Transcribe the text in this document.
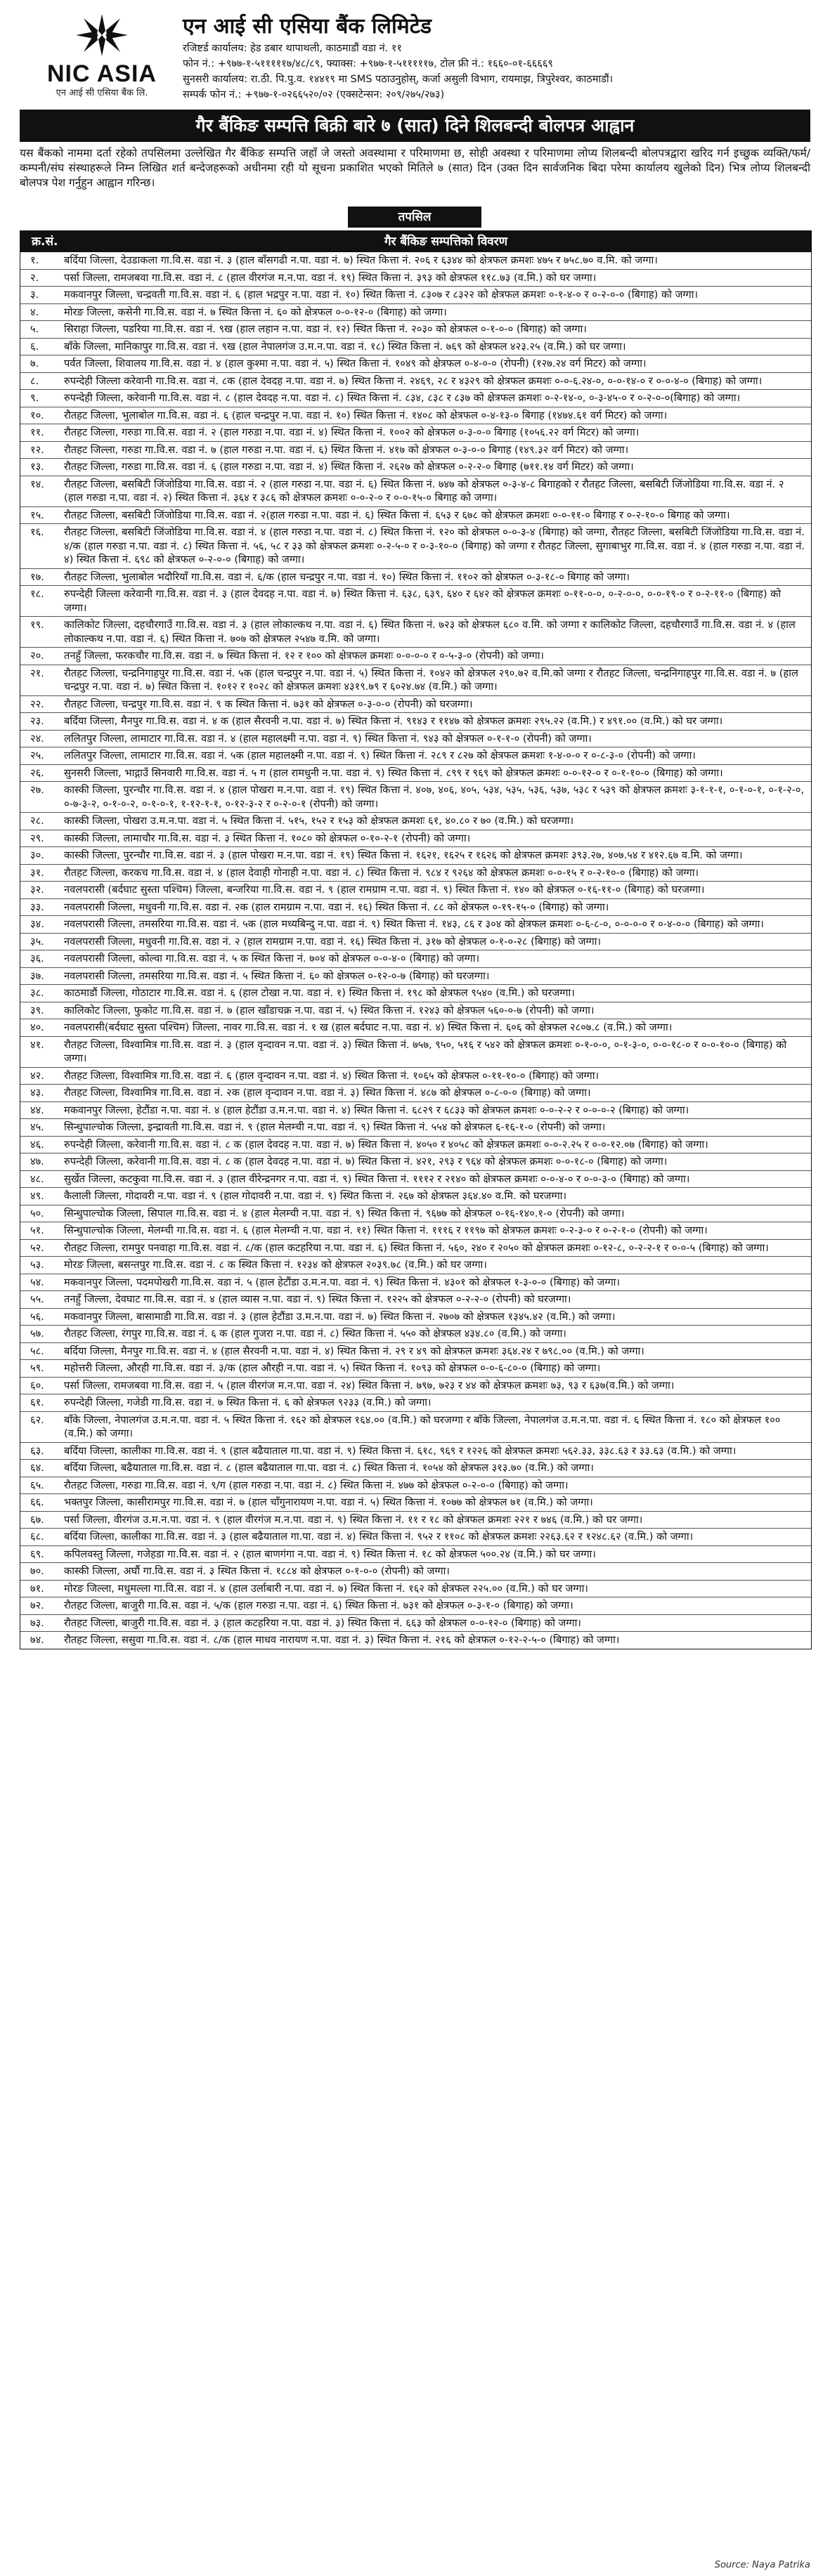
NIC ASIA
एन आई सी एसिया बैंक लि.
एन आई सी एसिया बैंक लिमिटेड
रजिष्टर्ड कार्यालय: हेड डबार थापाथली, काठमाडौं वडा नं. ११
फोन नं.: +९७७-१-५१११११७/४८/८९, फ्याक्स: +९७७-१-५१११११७, टोल फ्री नं.: १६६०-०१-६६६६९
सुनसरी कार्यालय: रा.ठी. पि.पु.व. १४४१९ मा SMS पठाउनुहोस्, कर्जा असुली विभाग, रायमाझ, त्रिपुरेश्वर, काठमाडौं।
सम्पर्क फोन नं.: +९७७-१-०२६६५२०/०२ (एक्सटेन्सन: २०९/२७५/२७३)
गैर बैंकिङ सम्पत्ति बिक्री बारे ७ (सात) दिने शिलबन्दी बोलपत्र आह्वान

यस बैंकको नाममा दर्ता रहेको तपसिलमा उल्लेखित गैर बैंकिङ सम्पत्ति जहाँ जे जस्तो अवस्थामा र परिमाणमा छ, सोही अवस्था र परिमाणमा लोप्य शिलबन्दी बोलपत्रद्वारा खरिद गर्न इच्छुक व्यक्ति/फर्म/कम्पनी/संघ संस्थाहरूले निम्न लिखित शर्त बन्देजहरूको अधीनमा रही यो सूचना प्रकाशित भएको मितिले ७ (सात) दिन (उक्त दिन सार्वजनिक बिदा परेमा कार्यालय खुलेको दिन) भित्र लोप्य शिलबन्दी बोलपत्र पेश गर्नुहुन आह्वान गरिन्छ।

तपसिल
क्र.सं.	गैर बैंकिङ सम्पत्तिको विवरण
१.	बर्दिया जिल्ला, देउडाकला गा.वि.स. वडा नं. ३ (हाल बाँसगढी न.पा. वडा नं. ७) स्थित कित्ता नं. २०६ र ६३४४ को क्षेत्रफल क्रमशः ४७५ र ७५८.७० व.मि. को जग्गा।
२.	पर्सा जिल्ला, रामजबवा गा.वि.स. वडा नं. ८ (हाल वीरगंज म.न.पा. वडा नं. १९) स्थित कित्ता नं. ३९३ को क्षेत्रफल ११८.७३ (व.मि.) को घर जग्गा।
३.	मकवानपुर जिल्ला, चन्द्रवती गा.वि.स. वडा नं. ६ (हाल भद्रपुर न.पा. वडा नं. १०) स्थित कित्ता नं. ८३०७ र ८३२२ को क्षेत्रफल क्रमशः ०-१-४-० र ०-२-०-० (बिगाह) को जग्गा।
४.	मोरङ जिल्ला, कसेनी गा.वि.स. वडा नं. ७ स्थित कित्ता नं. ६० को क्षेत्रफल ०-०-१२-० (बिगाह) को जग्गा।
५.	सिराहा जिल्ला, पडरिया गा.वि.स. वडा नं. ९ख (हाल लहान न.पा. वडा नं. १२) स्थित कित्ता नं. २०३० को क्षेत्रफल ०-१-०-० (बिगाह) को जग्गा।
६.	बाँके जिल्ला, मानिकापुर गा.वि.स. वडा नं. ९ख (हाल नेपालगंज उ.म.न.पा. वडा नं. १८) स्थित कित्ता नं. ७६९ को क्षेत्रफल ४२३.२५ (व.मि.) को घर जग्गा।
७.	पर्वत जिल्ला, शिवालय गा.वि.स. वडा नं. ४ (हाल कुश्मा न.पा. वडा नं. ५) स्थित कित्ता नं. १०४९ को क्षेत्रफल ०-४-०-० (रोपनी) (१२७.२४ वर्ग मिटर) को जग्गा।
८.	रुपन्देही जिल्ला करेवानी गा.वि.स. वडा नं. ८क (हाल देवदह न.पा. वडा नं. ७) स्थित कित्ता नं. २४६९, २८ र ४३२९ को क्षेत्रफल क्रमशः ०-०-६.२४-०, ०-०-१४-० र ०-०-४-० (बिगाह) को जग्गा।
९.	रुपन्देही जिल्ला, करेवानी गा.वि.स. वडा नं. ८ (हाल देवदह न.पा. वडा नं. ८) स्थित कित्ता नं. ८३४, ८३८ र ८३७ को क्षेत्रफल क्रमशः ०-२-१४-०, ०-३-४५-० र ०-२-०-०(बिगाह) को जग्गा।
१०.	रौतहट जिल्ला, भुलाबोल गा.वि.स. वडा नं. ६ (हाल चन्द्रपुर न.पा. वडा नं. १०) स्थित कित्ता नं. १४०८ को क्षेत्रफल ०-४-१३-० बिगाह (१४७४.६१ वर्ग मिटर) को जग्गा।
११.	रौतहट जिल्ला, गरुडा गा.वि.स. वडा नं. २ (हाल गरुडा न.पा. वडा नं. ४) स्थित कित्ता नं. १००२ को क्षेत्रफल ०-३-०-० बिगाह (१०५६.२२ वर्ग मिटर) को जग्गा।
१२.	रौतहट जिल्ला, गरुडा गा.वि.स. वडा नं. ७ (हाल गरुडा न.पा. वडा नं. ६) स्थित कित्ता नं. ४१७ को क्षेत्रफल ०-३-०-० बिगाह (१४९.३२ वर्ग मिटर) को जग्गा।
१३.	रौतहट जिल्ला, गरुडा गा.वि.स. वडा नं. ६ (हाल गरुडा न.पा. वडा नं. ४) स्थित कित्ता नं. २६२७ को क्षेत्रफल ०-२-२-० बिगाह (७११.१४ वर्ग मिटर) को जग्गा।
१४.	रौतहट जिल्ला, बसबिटी जिंजोडिया गा.वि.स. वडा नं. २ (हाल गरुडा न.पा. वडा नं. ६) स्थित कित्ता नं. ७४७ को क्षेत्रफल ०-३-४-८ बिगाहको र रौतहट जिल्ला, बसबिटी जिंजोडिया गा.वि.स. वडा नं. २ (हाल गरुडा न.पा. वडा नं. २) स्थित कित्ता नं. ३६४ र ३८६ को क्षेत्रफल क्रमशः ०-०-२-० र ०-०-१५-० बिगाह को जग्गा।
१५.	रौतहट जिल्ला, बसबिटी जिंजोडिया गा.वि.स. वडा नं. २(हाल गरुडा न.पा. वडा नं. ६) स्थित कित्ता नं. ६५३ र ६७८ को क्षेत्रफल क्रमशः ०-०-११-० बिगाह र ०-२-१०-० बिगाह को जग्गा।
१६.	रौतहट जिल्ला, बसबिटी जिंजोडिया गा.वि.स. वडा नं. ४ (हाल गरुडा न.पा. वडा नं. ८) स्थित कित्ता नं. १२० को क्षेत्रफल ०-०-३-४ (बिगाह) को जग्गा, रौतहट जिल्ला, बसबिटी जिंजोडिया गा.वि.स. वडा नं. ४/क (हाल गरुडा न.पा. वडा नं. ८) स्थित कित्ता नं. ५६, ५८ र ३३ को क्षेत्रफल क्रमशः ०-२-५-० र ०-३-१०-० (बिगाह) को जग्गा र रौतहट जिल्ला, सुगाबाभुर गा.वि.स. वडा नं. ४ (हाल गरुडा न.पा. वडा नं. ४) स्थित कित्ता नं. ६९८ को क्षेत्रफल ०-२-०-० (बिगाह) को जग्गा।
१७.	रौतहट जिल्ला, भुलाबोल भदौरियाँ गा.वि.स. वडा नं. ६/क (हाल चन्द्रपुर न.पा. वडा नं. १०) स्थित कित्ता नं. ११०२ को क्षेत्रफल ०-३-१८-० बिगाह को जग्गा।
१८.	रुपन्देही जिल्ला करेवानी गा.वि.स. वडा नं. ३ (हाल देवदह न.पा. वडा नं. ७) स्थित कित्ता नं. ६३८, ६३९, ६४० र ६४२ को क्षेत्रफल क्रमशः ०-११-०-०, ०-२-०-०, ०-०-१९-० र ०-२-११-० (बिगाह) को जग्गा।
१९.	कालिकोट जिल्ला, दहचौरगाउँ गा.वि.स. वडा नं. ३ (हाल लोकाल्कथ न.पा. वडा नं. ६) स्थित कित्ता नं. ७२३ को क्षेत्रफल ६८० व.मि. को जग्गा र कालिकोट जिल्ला, दहचौरगाउँ गा.वि.स. वडा नं. ४ (हाल लोकाल्कथ न.पा. वडा नं. ६) स्थित कित्ता नं. ७०७ को क्षेत्रफल २५४७ व.मि. को जग्गा।
२०.	तनहुँ जिल्ला, फरकचौर गा.वि.स. वडा नं. ७ स्थित कित्ता नं. १२ र १०० को क्षेत्रफल क्रमशः ०-०-०-० र ०-५-३-० (रोपनी) को जग्गा।
२१.	रौतहट जिल्ला, चन्द्रनिगाहपुर गा.वि.स. वडा नं. ५क (हाल चन्द्रपुर न.पा. वडा नं. ५) स्थित कित्ता नं. १०४२ को क्षेत्रफल २९०.७२ व.मि.को जग्गा र रौतहट जिल्ला, चन्द्रनिगाहपुर गा.वि.स. वडा नं. ७ (हाल चन्द्रपुर न.पा. वडा नं. ७) स्थित कित्ता नं. १०१२ र १०२८ को क्षेत्रफल क्रमशः ४३१९.७९ र ६०२४.७४ (व.मि.) को जग्गा।
२२.	रौतहट जिल्ला, चन्द्रपुर गा.वि.स. वडा नं. ९ क स्थित कित्ता नं. ७३१ को क्षेत्रफल ०-३-०-० (रोपनी) को घरजग्गा।
२३.	बर्दिया जिल्ला, मैनपुर गा.वि.स. वडा नं. ४ क (हाल सैरवनी न.पा. वडा नं. ७) स्थित कित्ता नं. ९१४३ र ११४७ को क्षेत्रफल क्रमशः २९५.२२ (व.मि.) र ४९१.०० (व.मि.) को घर जग्गा।
२४.	ललितपुर जिल्ला, लामाटार गा.वि.स. वडा नं. ४ (हाल महालक्ष्मी न.पा. वडा नं. ९) स्थित कित्ता नं. ९४३ को क्षेत्रफल ०-१-१-० (रोपनी) को जग्गा।
२५.	ललितपुर जिल्ला, लामाटार गा.वि.स. वडा नं. ५क (हाल महालक्ष्मी न.पा. वडा नं. ९) स्थित कित्ता नं. २८९ र ८२७ को क्षेत्रफल क्रमशः १-४-०-० र ०-८-३-० (रोपनी) को जग्गा।
२६.	सुनसरी जिल्ला, भाद्गाउँ सिनवारी गा.वि.स. वडा नं. ५ ग (हाल रामधुनी न.पा. वडा नं. ९) स्थित कित्ता नं. ८९९ र ९६९ को क्षेत्रफल क्रमशः ०-०-१२-० र ०-१-१०-० (बिगाह) को जग्गा।
२७.	कास्की जिल्ला, पुरन्चौर गा.वि.स. वडा नं. ४ (हाल पोखरा म.न.पा. वडा नं. १९) स्थित कित्ता नं. ४०७, ४०६, ४०५, ५३४, ५३५, ५३६, ५३७, ५३८ र ५३९ को क्षेत्रफल क्रमशः ३-१-१-१, ०-१-०-१, ०-१-२-०, ०-७-३-२, ०-१-०-२, ०-१-०-१, १-१२-१-१, ०-१२-३-२ र ०-२-०-१ (रोपनी) को जग्गा।
२८.	कास्की जिल्ला, पोखरा उ.म.न.पा. वडा नं. ५ स्थित कित्ता नं. ५१५, १५२ र १५३ को क्षेत्रफल क्रमशः ६१, ४०.८० र ७० (व.मि.) को घरजग्गा।
२९.	कास्की जिल्ला, लामाचौर गा.वि.स. वडा नं. ३ स्थित कित्ता नं. १०८० को क्षेत्रफल ०-१०-२-१ (रोपनी) को जग्गा।
३०.	कास्की जिल्ला, पुरन्चौर गा.वि.स. वडा नं. ३ (हाल पोखरा म.न.पा. वडा नं. १९) स्थित कित्ता नं. १६२१, १६२५ र १६२६ को क्षेत्रफल क्रमशः ३९३.२७, ४०७.५४ र ४१२.६७ व.मि. को जग्गा।
३१.	रौतहट जिल्ला, करकच गा.वि.स. वडा नं. ४ (हाल देवाही गोनाही न.पा. वडा नं. ८) स्थित कित्ता नं. ९८४ र ९२६४ को क्षेत्रफल क्रमशः ०-०-१५ र ०-२-१०-० (बिगाह) को जग्गा।
३२.	नवलपरासी (बर्दघाट सुस्ता पश्चिम) जिल्ला, बन्जरिया गा.वि.स. वडा नं. ९ (हाल रामग्राम न.पा. वडा नं. ९) स्थित कित्ता नं. १४० को क्षेत्रफल ०-१६-११-० (बिगाह) को घरजग्गा।
३३.	नवलपरासी जिल्ला, मधुवनी गा.वि.स. वडा नं. २क (हाल रामग्राम न.पा. वडा नं. १६) स्थित कित्ता नं. ८८ को क्षेत्रफल ०-१९-१५-० (बिगाह) को जग्गा।
३४.	नवलपरासी जिल्ला, तमसरिया गा.वि.स. वडा नं. ५क (हाल मध्यबिन्दु न.पा. वडा नं. ९) स्थित कित्ता नं. १४३, ८६ र ३०४ को क्षेत्रफल क्रमशः ०-६-८-०, ०-०-०-० र ०-४-०-० (बिगाह) को जग्गा।
३५.	नवलपरासी जिल्ला, मधुवनी गा.वि.स. वडा नं. २ (हाल रामग्राम न.पा. वडा नं. १६) स्थित कित्ता नं. ३१७ को क्षेत्रफल ०-१-०-२८ (बिगाह) को जग्गा।
३६.	नवलपरासी जिल्ला, कोल्वा गा.वि.स. वडा नं. ५ क स्थित कित्ता नं. ७०४ को क्षेत्रफल ०-०-४-० (बिगाह) को जग्गा।
३७.	नवलपरासी जिल्ला, तमसरिया गा.वि.स. वडा नं. ५ स्थित कित्ता नं. ६० को क्षेत्रफल ०-१२-०-७ (बिगाह) को घरजग्गा।
३८.	काठमाडौं जिल्ला, गोठाटार गा.वि.स. वडा नं. ६ (हाल टोखा न.पा. वडा नं. १) स्थित कित्ता नं. १९८ को क्षेत्रफल ९५४० (व.मि.) को घरजग्गा।
३९.	कालिकोट जिल्ला, फुकोट गा.वि.स. वडा नं. ७ (हाल खाँडाचक्र न.पा. वडा नं. ५) स्थित कित्ता नं. १२४३ को क्षेत्रफल ५६०-०-७ (रोपनी) को जग्गा।
४०.	नवलपरासी(बर्दघाट सुस्ता पश्चिम) जिल्ला, नावर गा.वि.स. वडा नं. १ ख (हाल बर्दघाट न.पा. वडा नं. ४) स्थित कित्ता नं. ६०६ को क्षेत्रफल २८०७.८ (व.मि.) को जग्गा।
४१.	रौतहट जिल्ला, विश्वामित्र गा.वि.स. वडा नं. ३ (हाल वृन्दावन न.पा. वडा नं. ३) स्थित कित्ता नं. ७५७, ९५०, ५१६ र ५४२ को क्षेत्रफल क्रमशः ०-१-०-०, ०-१-३-०, ०-०-१८-० र ०-०-१०-० (बिगाह) को जग्गा।
४२.	रौतहट जिल्ला, विश्वामित्र गा.वि.स. वडा नं. ६ (हाल वृन्दावन न.पा. वडा नं. ४) स्थित कित्ता नं. १०६५ को क्षेत्रफल ०-११-१०-० (बिगाह) को जग्गा।
४३.	रौतहट जिल्ला, विश्वामित्र गा.वि.स. वडा नं. २क (हाल वृन्दावन न.पा. वडा नं. ३) स्थित कित्ता नं. ४८७ को क्षेत्रफल ०-८-०-० (बिगाह) को जग्गा।
४४.	मकवानपुर जिल्ला, हेटौंडा न.पा. वडा नं. ४ (हाल हेटौंडा उ.म.न.पा. वडा नं. ४) स्थित कित्ता नं. ६८२९ र ६८३३ को क्षेत्रफल क्रमशः ०-०-२-२ र ०-०-०-२ (बिगाह) को जग्गा।
४५.	सिन्धुपाल्चोक जिल्ला, इन्द्रावती गा.वि.स. वडा नं. ९ (हाल मेलम्ची न.पा. वडा नं. ९) स्थित कित्ता नं. ५५४ को क्षेत्रफल ६-१६-१-० (रोपनी) को जग्गा।
४६.	रुपन्देही जिल्ला, करेवानी गा.वि.स. वडा नं. ८ क (हाल देवदह न.पा. वडा नं. ७) स्थित कित्ता नं. ४०५० र ४०५८ को क्षेत्रफल क्रमशः ०-०-२.२५ र ०-०-१२.०७ (बिगाह) को जग्गा।
४७.	रुपन्देही जिल्ला, करेवानी गा.वि.स. वडा नं. ८ क (हाल देवदह न.पा. वडा नं. ७) स्थित कित्ता नं. ४२१, २९३ र ९६४ को क्षेत्रफल क्रमशः ०-०-१८-० (बिगाह) को जग्गा।
४८.	सुर्खेत जिल्ला, कटकुवा गा.वि.स. वडा नं. ३ (हाल वीरेन्द्रनगर न.पा. वडा नं. ९) स्थित कित्ता नं. १११२ र २१४० को क्षेत्रफल क्रमशः ०-०-४-० र ०-०-३-० (बिगाह) को जग्गा।
४९.	कैलाली जिल्ला, गोदावरी न.पा. वडा नं. ९ (हाल गोदावरी न.पा. वडा नं. ९) स्थित कित्ता नं. २६७ को क्षेत्रफल ३६४.४० व.मि. को घरजग्गा।
५०.	सिन्धुपाल्चोक जिल्ला, सिपाल गा.वि.स. वडा नं. ४ (हाल मेलम्ची न.पा. वडा नं. ९) स्थित कित्ता नं. ९६७७ को क्षेत्रफल ०-१६-१४०.१-० (रोपनी) को जग्गा।
५१.	सिन्धुपाल्चोक जिल्ला, मेलम्ची गा.वि.स. वडा नं. ६ (हाल मेलम्ची न.पा. वडा नं. ११) स्थित कित्ता नं. १११६ र ११९७ को क्षेत्रफल क्रमशः ०-२-३-० र ०-२-१-० (रोपनी) को जग्गा।
५२.	रौतहट जिल्ला, रामपुर पनवाहा गा.वि.स. वडा नं. ८/क (हाल कटहरिया न.पा. वडा नं. ६) स्थित कित्ता नं. ५६०, २४० र २०५० को क्षेत्रफल क्रमशः ०-१२-८, ०-२-२-१ र ०-०-५ (बिगाह) को जग्गा।
५३.	मोरङ जिल्ला, बसन्तपुर गा.वि.स. वडा नं. ८ क स्थित कित्ता नं. १२३४ को क्षेत्रफल २०३९.७८ (व.मि.) को घर जग्गा।
५४.	मकवानपुर जिल्ला, पदमपोखरी गा.वि.स. वडा नं. ५ (हाल हेटौंडा उ.म.न.पा. वडा नं. ९) स्थित कित्ता नं. ४३०१ को क्षेत्रफल १-३-०-० (बिगाह) को जग्गा।
५५.	तनहुँ जिल्ला, देवघाट गा.वि.स. वडा नं. ४ (हाल व्यास न.पा. वडा नं. ९) स्थित कित्ता नं. १२२५ को क्षेत्रफल ०-२-२-० (रोपनी) को घरजग्गा।
५६.	मकवानपुर जिल्ला, बासामाडी गा.वि.स. वडा नं. ३ (हाल हेटौंडा उ.म.न.पा. वडा नं. ७) स्थित कित्ता नं. २७०७ को क्षेत्रफल १३४५.४२ (व.मि.) को जग्गा।
५७.	रौतहट जिल्ला, रंगपुर गा.वि.स. वडा नं. ६ क (हाल गुजरा न.पा. वडा नं. ८) स्थित कित्ता नं. ५५० को क्षेत्रफल ४३४.८० (व.मि.) को जग्गा।
५८.	बर्दिया जिल्ला, मैनपुर गा.वि.स. वडा नं. ४ (हाल सैरवनी न.पा. वडा नं. ४) स्थित कित्ता नं. २९ र ४९ को क्षेत्रफल क्रमशः ३६४.२४ र ७९८.०० (व.मि.) को जग्गा।
५९.	महोत्तरी जिल्ला, औरही गा.वि.स. वडा नं. ३/क (हाल औरही न.पा. वडा नं. ५) स्थित कित्ता नं. १०९३ को क्षेत्रफल ०-०-६-८०-० (बिगाह) को जग्गा।
६०.	पर्सा जिल्ला, रामजबवा गा.वि.स. वडा नं. ५ (हाल वीरगंज म.न.पा. वडा नं. २४) स्थित कित्ता नं. ७९७, ७२३ र ४४ को क्षेत्रफल क्रमशः ७३, ९३ र ६३७(व.मि.) को जग्गा।
६१.	रुपन्देही जिल्ला, गजेडी गा.वि.स. वडा नं. ७ स्थित कित्ता नं. ६ को क्षेत्रफल ९२३३ (व.मि.) को जग्गा।
६२.	बाँके जिल्ला, नेपालगंज उ.म.न.पा. वडा नं. ५ स्थित कित्ता नं. १६२ को क्षेत्रफल १६४.०० (व.मि.) को घरजग्गा र बाँके जिल्ला, नेपालगंज उ.म.न.पा. वडा नं. ६ स्थित कित्ता नं. १८० को क्षेत्रफल १०० (व.मि.) को जग्गा।
६३.	बर्दिया जिल्ला, कालीका गा.वि.स. वडा नं. ९ (हाल बढैयाताल गा.पा. वडा नं. ९) स्थित कित्ता नं. ६१८, ९६९ र १२२६ को क्षेत्रफल क्रमशः ५६२.३३, ३३८.६३ र ३३.६३ (व.मि.) को जग्गा।
६४.	बर्दिया जिल्ला, बढैयाताल गा.वि.स. वडा नं. ८ (हाल बढैयाताल गा.पा. वडा नं. ८) स्थित कित्ता नं. १०५४ को क्षेत्रफल ३१३.७० (व.मि.) को जग्गा।
६५.	रौतहट जिल्ला, गरुडा गा.वि.स. वडा नं. ९/ग (हाल गरुडा न.पा. वडा नं. ८) स्थित कित्ता नं. ४७७ को क्षेत्रफल ०-२-०-० (बिगाह) को जग्गा।
६६.	भक्तपुर जिल्ला, कासीरामपुर गा.वि.स. वडा नं. ७ (हाल चाँगुनारायण न.पा. वडा नं. ५) स्थित कित्ता नं. १०७७ को क्षेत्रफल ७१ (व.मि.) को जग्गा।
६७.	पर्सा जिल्ला, वीरगंज उ.म.न.पा. वडा नं. ९ (हाल वीरगंज म.न.पा. वडा नं. ९) स्थित कित्ता नं. ११ र १८ को क्षेत्रफल क्रमशः २२१ र ७४६ (व.मि.) को घर जग्गा।
६८.	बर्दिया जिल्ला, कालीका गा.वि.स. वडा नं. ३ (हाल बढैयाताल गा.पा. वडा नं. ४) स्थित कित्ता नं. ९५२ र ११०८ को क्षेत्रफल क्रमशः २२६३.६२ र १२४८.६२ (व.मि.) को जग्गा।
६९.	कपिलवस्तु जिल्ला, गजेहडा गा.वि.स. वडा नं. २ (हाल बाणगंगा न.पा. वडा नं. ९) स्थित कित्ता नं. १८ को क्षेत्रफल ५००.२४ (व.मि.) को घर जग्गा।
७०.	कास्की जिल्ला, अर्घौ गा.वि.स. वडा नं. ३ स्थित कित्ता नं. १८८४ को क्षेत्रफल ०-१-०-० (रोपनी) को जग्गा।
७१.	मोरङ जिल्ला, मधुमल्ला गा.वि.स. वडा नं. ४ (हाल उर्लाबारी न.पा. वडा नं. ७) स्थित कित्ता नं. १६२ को क्षेत्रफल २२५.०० (व.मि.) को घर जग्गा।
७२.	रौतहट जिल्ला, बाजुरी गा.वि.स. वडा नं. ५/क (हाल गरुडा न.पा. वडा नं. ६) स्थित कित्ता नं. ७३१ को क्षेत्रफल ०-३-१-० (बिगाह) को जग्गा।
७३.	रौतहट जिल्ला, बाजुरी गा.वि.स. वडा नं. ३ (हाल कटहरिया न.पा. वडा नं. ३) स्थित कित्ता नं. ६६३ को क्षेत्रफल ०-०-१२-० (बिगाह) को जग्गा।
७४.	रौतहट जिल्ला, ससुवा गा.वि.स. वडा नं. ८/क (हाल माधव नारायण न.पा. वडा नं. ३) स्थित कित्ता नं. २१६ को क्षेत्रफल ०-१२-२-५-० (बिगाह) को जग्गा।
Source: Naya Patrika
